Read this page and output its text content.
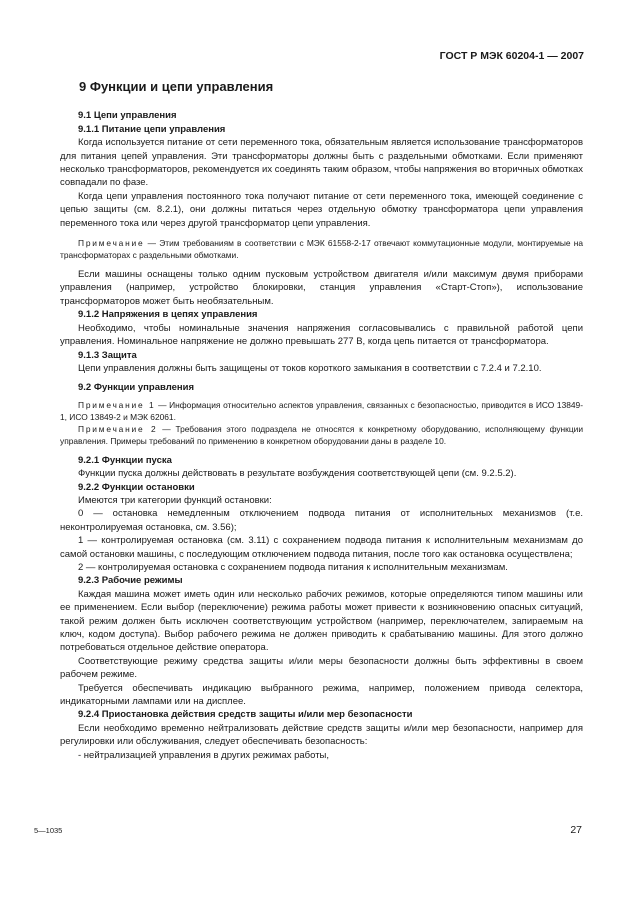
ГОСТ Р МЭК 60204-1 — 2007
9 Функции и цепи управления
9.1 Цепи управления
9.1.1 Питание цепи управления

Когда используется питание от сети переменного тока, обязательным является использование трансформаторов для питания цепей управления. Эти трансформаторы должны быть с раздельными обмотками. Если применяют несколько трансформаторов, рекомендуется их соединять таким образом, чтобы напряжения во вторичных обмотках совпадали по фазе.

Когда цепи управления постоянного тока получают питание от сети переменного тока, имеющей соединение с цепью защиты (см. 8.2.1), они должны питаться через отдельную обмотку трансформатора цепи управления переменного тока или через другой трансформатор цепи управления.

Примечание — Этим требованиям в соответствии с МЭК 61558-2-17 отвечают коммутационные модули, монтируемые на трансформаторах с раздельными обмотками.

Если машины оснащены только одним пусковым устройством двигателя и/или максимум двумя приборами управления (например, устройство блокировки, станция управления «Старт-Стоп»), использование трансформаторов может быть необязательным.

9.1.2 Напряжения в цепях управления

Необходимо, чтобы номинальные значения напряжения согласовывались с правильной работой цепи управления. Номинальное напряжение не должно превышать 277 В, когда цепь питается от трансформатора.

9.1.3 Защита

Цепи управления должны быть защищены от токов короткого замыкания в соответствии с 7.2.4 и 7.2.10.

9.2 Функции управления

Примечание 1 — Информация относительно аспектов управления, связанных с безопасностью, приводится в ИСО 13849-1, ИСО 13849-2 и МЭК 62061.

Примечание 2 — Требования этого подраздела не относятся к конкретному оборудованию, исполняющему функции управления. Примеры требований по применению в конкретном оборудовании даны в разделе 10.

9.2.1 Функции пуска

Функции пуска должны действовать в результате возбуждения соответствующей цепи (см. 9.2.5.2).

9.2.2 Функции остановки

Имеются три категории функций остановки:

0 — остановка немедленным отключением подвода питания от исполнительных механизмов (т.е. неконтролируемая остановка, см. 3.56);

1 — контролируемая остановка (см. 3.11) с сохранением подвода питания к исполнительным механизмам до самой остановки машины, с последующим отключением подвода питания, после того как остановка осуществлена;

2 — контролируемая остановка с сохранением подвода питания к исполнительным механизмам.

9.2.3 Рабочие режимы

Каждая машина может иметь один или несколько рабочих режимов, которые определяются типом машины или ее применением. Если выбор (переключение) режима работы может привести к возникновению опасных ситуаций, такой режим должен быть исключен соответствующим устройством (например, переключателем, запираемым на ключ, кодом доступа). Выбор рабочего режима не должен приводить к срабатыванию машины. Для этого должно потребоваться отдельное действие оператора.

Соответствующие режиму средства защиты и/или меры безопасности должны быть эффективны в своем рабочем режиме.

Требуется обеспечивать индикацию выбранного режима, например, положением привода селектора, индикаторными лампами или на дисплее.

9.2.4 Приостановка действия средств защиты и/или мер безопасности

Если необходимо временно нейтрализовать действие средств защиты и/или мер безопасности, например для регулировки или обслуживания, следует обеспечивать безопасность:

- нейтрализацией управления в других режимах работы,

5—1035	27
